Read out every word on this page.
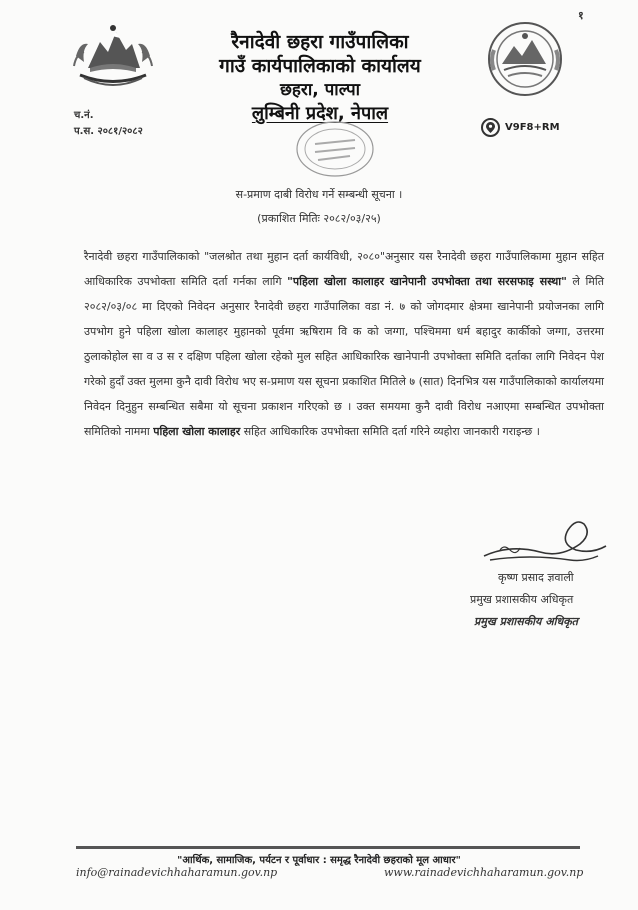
१
रैनादेवी छहरा गाउँपालिका
गाउँ कार्यपालिकाको कार्यालय
छहरा, पाल्पा
लुम्बिनी प्रदेश, नेपाल
च.नं.
प.स. २०८१/२०८२	V9F8+RM
स-प्रमाण दाबी विरोध गर्ने सम्बन्धी सूचना ।
(प्रकाशित मितिः २०८२/०३/२५)
रैनादेवी छहरा गाउँपालिकाको "जलश्रोत तथा मुहान दर्ता कार्यविधी, २०८०"अनुसार यस रैनादेवी छहरा गाउँपालिकामा मुहान सहित आधिकारिक उपभोक्ता समिति दर्ता गर्नका लागि "पहिला खोला कालाहर खानेपानी उपभोक्ता तथा सरसफाइ सस्था" ले मिति २०८२/०३/०८ मा दिएको निवेदन अनुसार रैनादेवी छहरा गाउँपालिका वडा नं. ७ को जोगदमार क्षेत्रमा खानेपानी प्रयोजनका लागि उपभोग हुने पहिला खोला कालाहर मुहानको पूर्वमा ऋषिराम वि क को जग्गा, पश्चिममा धर्म बहादुर कार्कीको जग्गा, उत्तरमा ठुलाकोहोल सा व उ स र दक्षिण पहिला खोला रहेको मुल सहित आधिकारिक खानेपानी उपभोक्ता समिति दर्ताका लागि निवेदन पेश गरेको हुदाँ उक्त मुलमा कुनै दावी विरोध भए स-प्रमाण यस सूचना प्रकाशित मितिले ७ (सात) दिनभित्र यस गाउँपालिकाको कार्यालयमा निवेदन दिनुहुन सम्बन्धित सबैमा यो सूचना प्रकाशन गरिएको छ । उक्त समयमा कुनै दावी विरोध नआएमा सम्बन्धित उपभोक्ता समितिको नाममा पहिला खोला कालाहर सहित आधिकारिक उपभोक्ता समिति दर्ता गरिने व्यहोरा जानकारी गराइन्छ ।
कृष्ण प्रसाद ज्ञवाली
प्रमुख प्रशासकीय अधिकृत
प्रमुख प्रशासकीय अधिकृत
"आर्थिक, सामाजिक, पर्यटन र पूर्वाधार : समृद्ध रैनादेवी छहराको मूल आधार"
info@rainadevichhaharamun.gov.np	www.rainadevichhaharamun.gov.np
